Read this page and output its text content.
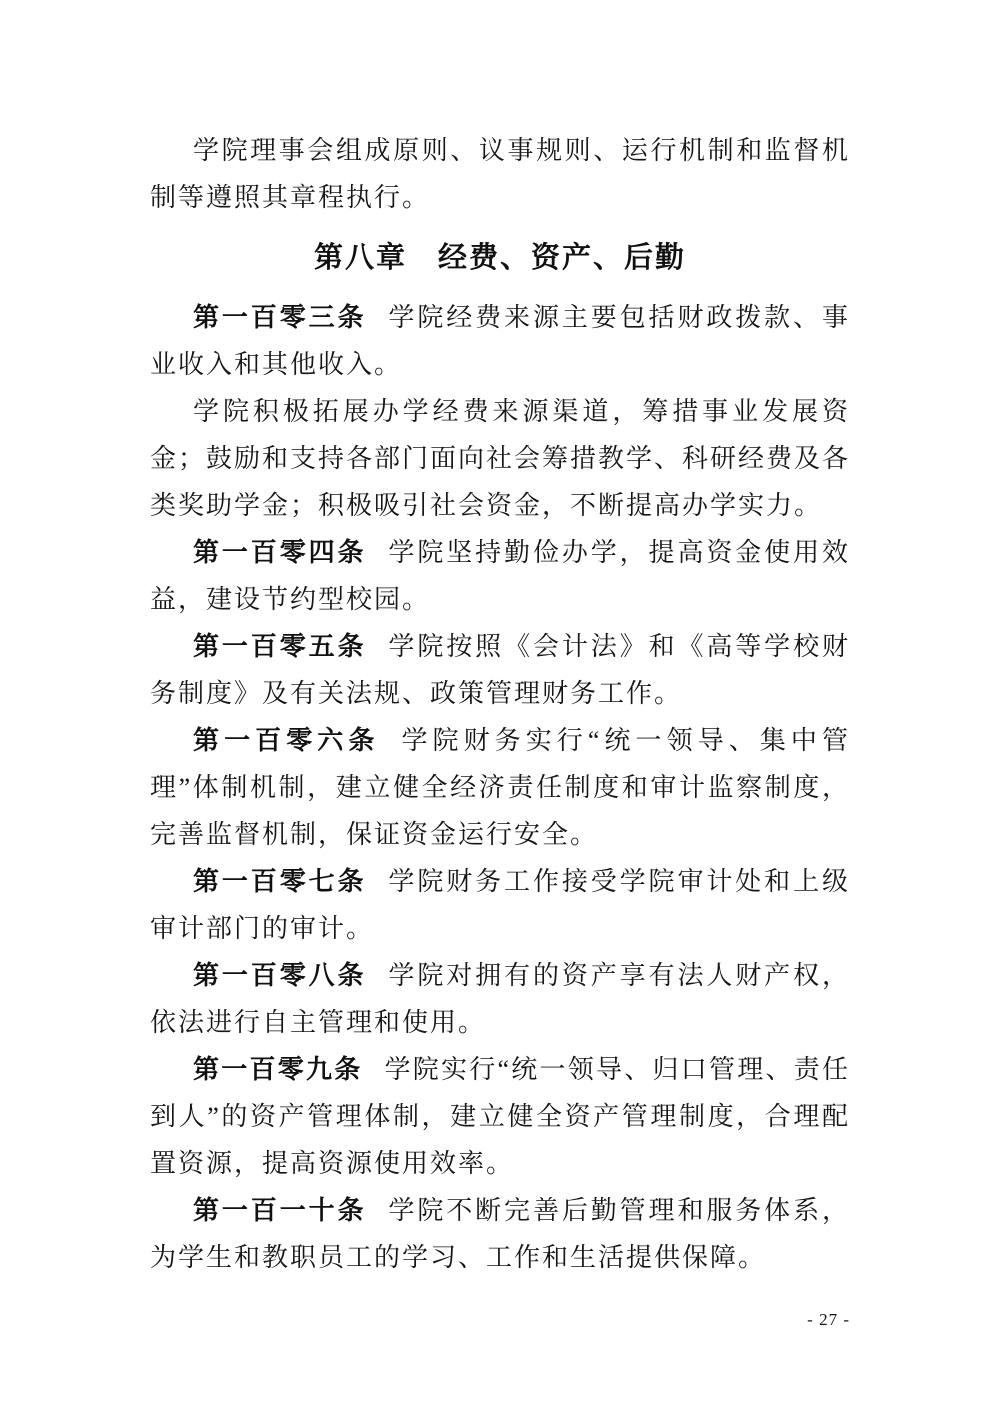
学院理事会组成原则、议事规则、运行机制和监督机制等遵照其章程执行。

第八章　经费、资产、后勤

第一百零三条 学院经费来源主要包括财政拨款、事业收入和其他收入。

学院积极拓展办学经费来源渠道，筹措事业发展资金；鼓励和支持各部门面向社会筹措教学、科研经费及各类奖助学金；积极吸引社会资金，不断提高办学实力。

第一百零四条 学院坚持勤俭办学，提高资金使用效益，建设节约型校园。

第一百零五条 学院按照《会计法》和《高等学校财务制度》及有关法规、政策管理财务工作。

第一百零六条 学院财务实行“统一领导、集中管理”体制机制，建立健全经济责任制度和审计监察制度，完善监督机制，保证资金运行安全。

第一百零七条 学院财务工作接受学院审计处和上级审计部门的审计。

第一百零八条 学院对拥有的资产享有法人财产权，依法进行自主管理和使用。

第一百零九条 学院实行“统一领导、归口管理、责任到人”的资产管理体制，建立健全资产管理制度，合理配置资源，提高资源使用效率。

第一百一十条 学院不断完善后勤管理和服务体系，为学生和教职员工的学习、工作和生活提供保障。

- 27 -
